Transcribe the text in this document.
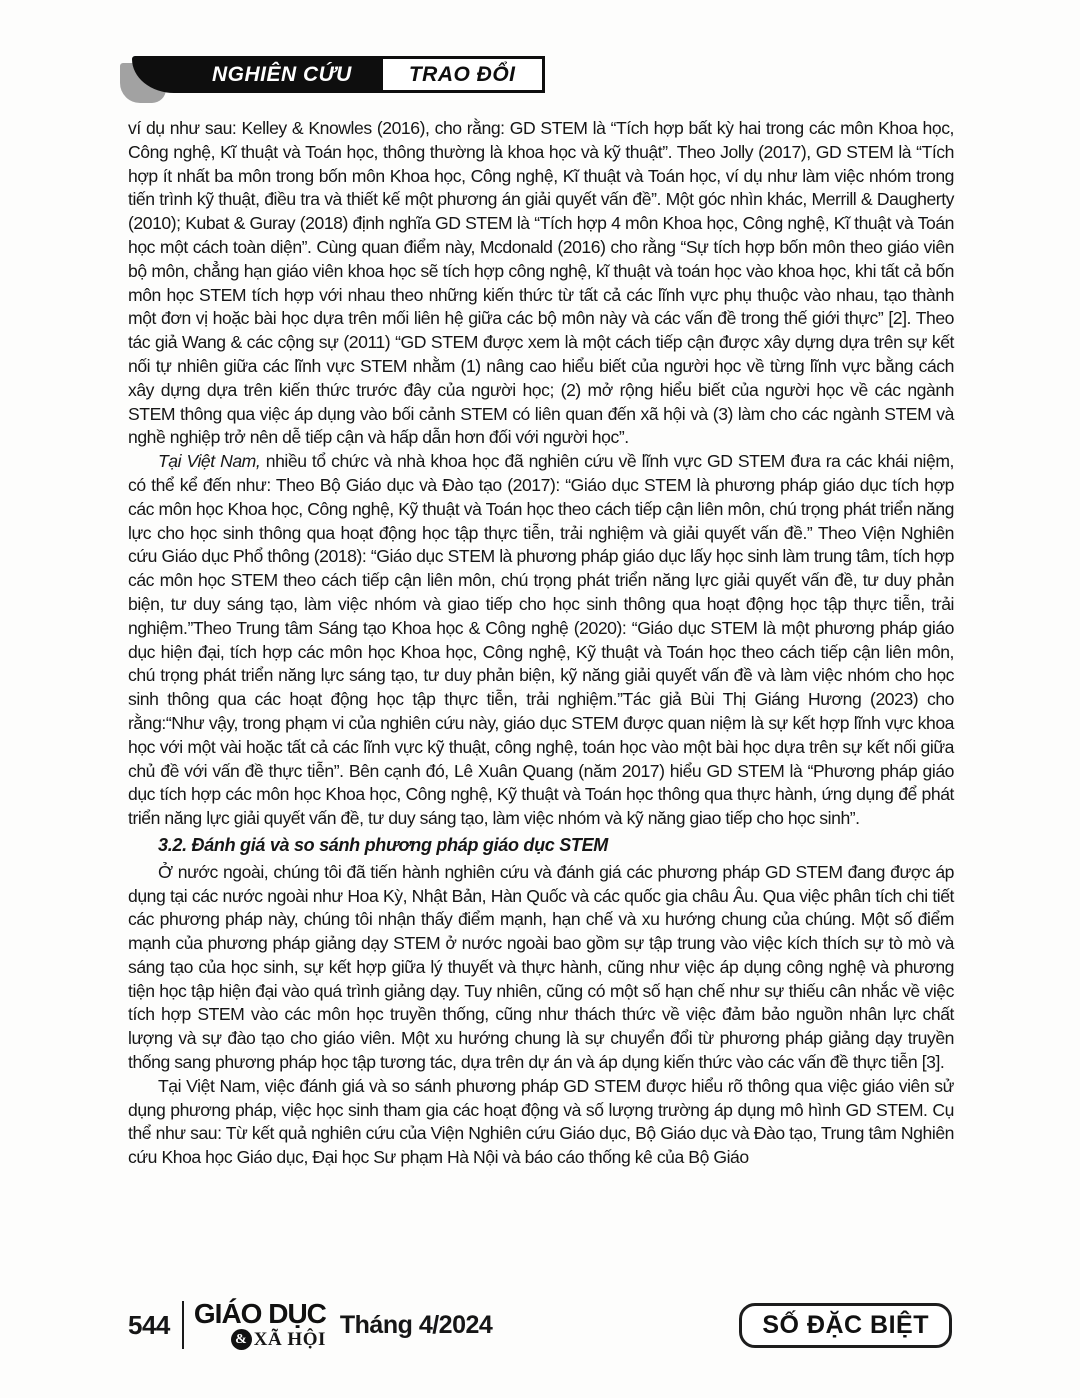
NGHIÊN CỨU	TRAO ĐỔI

ví dụ như sau: Kelley & Knowles (2016), cho rằng: GD STEM là “Tích hợp bất kỳ hai trong các môn Khoa học, Công nghệ, Kĩ thuật và Toán học, thông thường là khoa học và kỹ thuật”. Theo Jolly (2017), GD STEM là “Tích hợp ít nhất ba môn trong bốn môn Khoa học, Công nghệ, Kĩ thuật và Toán học, ví dụ như làm việc nhóm trong tiến trình kỹ thuật, điều tra và thiết kế một phương án giải quyết vấn đề”. Một góc nhìn khác, Merrill & Daugherty (2010); Kubat & Guray (2018) định nghĩa GD STEM là “Tích hợp 4 môn Khoa học, Công nghệ, Kĩ thuật và Toán học một cách toàn diện”. Cùng quan điểm này, Mcdonald (2016) cho rằng “Sự tích hợp bốn môn theo giáo viên bộ môn, chẳng hạn giáo viên khoa học sẽ tích hợp công nghệ, kĩ thuật và toán học vào khoa học, khi tất cả bốn môn học STEM tích hợp với nhau theo những kiến thức từ tất cả các lĩnh vực phụ thuộc vào nhau, tạo thành một đơn vị hoặc bài học dựa trên mối liên hệ giữa các bộ môn này và các vấn đề trong thế giới thực” [2]. Theo tác giả Wang & các cộng sự (2011) “GD STEM được xem là một cách tiếp cận được xây dựng dựa trên sự kết nối tự nhiên giữa các lĩnh vực STEM nhằm (1) nâng cao hiểu biết của người học về từng lĩnh vực bằng cách xây dựng dựa trên kiến thức trước đây của người học; (2) mở rộng hiểu biết của người học về các ngành STEM thông qua việc áp dụng vào bối cảnh STEM có liên quan đến xã hội và (3) làm cho các ngành STEM và nghề nghiệp trở nên dễ tiếp cận và hấp dẫn hơn đối với người học”.

Tại Việt Nam, nhiều tổ chức và nhà khoa học đã nghiên cứu về lĩnh vực GD STEM đưa ra các khái niệm, có thể kể đến như: Theo Bộ Giáo dục và Đào tạo (2017): “Giáo dục STEM là phương pháp giáo dục tích hợp các môn học Khoa học, Công nghệ, Kỹ thuật và Toán học theo cách tiếp cận liên môn, chú trọng phát triển năng lực cho học sinh thông qua hoạt động học tập thực tiễn, trải nghiệm và giải quyết vấn đề.” Theo Viện Nghiên cứu Giáo dục Phổ thông (2018): “Giáo dục STEM là phương pháp giáo dục lấy học sinh làm trung tâm, tích hợp các môn học STEM theo cách tiếp cận liên môn, chú trọng phát triển năng lực giải quyết vấn đề, tư duy phản biện, tư duy sáng tạo, làm việc nhóm và giao tiếp cho học sinh thông qua hoạt động học tập thực tiễn, trải nghiệm.”Theo Trung tâm Sáng tạo Khoa học & Công nghệ (2020): “Giáo dục STEM là một phương pháp giáo dục hiện đại, tích hợp các môn học Khoa học, Công nghệ, Kỹ thuật và Toán học theo cách tiếp cận liên môn, chú trọng phát triển năng lực sáng tạo, tư duy phản biện, kỹ năng giải quyết vấn đề và làm việc nhóm cho học sinh thông qua các hoạt động học tập thực tiễn, trải nghiệm.”Tác giả Bùi Thị Giáng Hương (2023) cho rằng:“Như vậy, trong phạm vi của nghiên cứu này, giáo dục STEM được quan niệm là sự kết hợp lĩnh vực khoa học với một vài hoặc tất cả các lĩnh vực kỹ thuật, công nghệ, toán học vào một bài học dựa trên sự kết nối giữa chủ đề với vấn đề thực tiễn”. Bên cạnh đó, Lê Xuân Quang (năm 2017) hiểu GD STEM là “Phương pháp giáo dục tích hợp các môn học Khoa học, Công nghệ, Kỹ thuật và Toán học thông qua thực hành, ứng dụng để phát triển năng lực giải quyết vấn đề, tư duy sáng tạo, làm việc nhóm và kỹ năng giao tiếp cho học sinh”.

3.2. Đánh giá và so sánh phương pháp giáo dục STEM

Ở nước ngoài, chúng tôi đã tiến hành nghiên cứu và đánh giá các phương pháp GD STEM đang được áp dụng tại các nước ngoài như Hoa Kỳ, Nhật Bản, Hàn Quốc và các quốc gia châu Âu. Qua việc phân tích chi tiết các phương pháp này, chúng tôi nhận thấy điểm mạnh, hạn chế và xu hướng chung của chúng. Một số điểm mạnh của phương pháp giảng dạy STEM ở nước ngoài bao gồm sự tập trung vào việc kích thích sự tò mò và sáng tạo của học sinh, sự kết hợp giữa lý thuyết và thực hành, cũng như việc áp dụng công nghệ và phương tiện học tập hiện đại vào quá trình giảng dạy. Tuy nhiên, cũng có một số hạn chế như sự thiếu cân nhắc về việc tích hợp STEM vào các môn học truyền thống, cũng như thách thức về việc đảm bảo nguồn nhân lực chất lượng và sự đào tạo cho giáo viên. Một xu hướng chung là sự chuyển đổi từ phương pháp giảng dạy truyền thống sang phương pháp học tập tương tác, dựa trên dự án và áp dụng kiến thức vào các vấn đề thực tiễn [3].

Tại Việt Nam, việc đánh giá và so sánh phương pháp GD STEM được hiểu rõ thông qua việc giáo viên sử dụng phương pháp, việc học sinh tham gia các hoạt động và số lượng trường áp dụng mô hình GD STEM. Cụ thể như sau: Từ kết quả nghiên cứu của Viện Nghiên cứu Giáo dục, Bộ Giáo dục và Đào tạo, Trung tâm Nghiên cứu Khoa học Giáo dục, Đại học Sư phạm Hà Nội và báo cáo thống kê của Bộ Giáo

544 GIÁO DỤC
& XÃ HỘI
Tháng 4/2024	SỐ ĐẶC BIỆT
